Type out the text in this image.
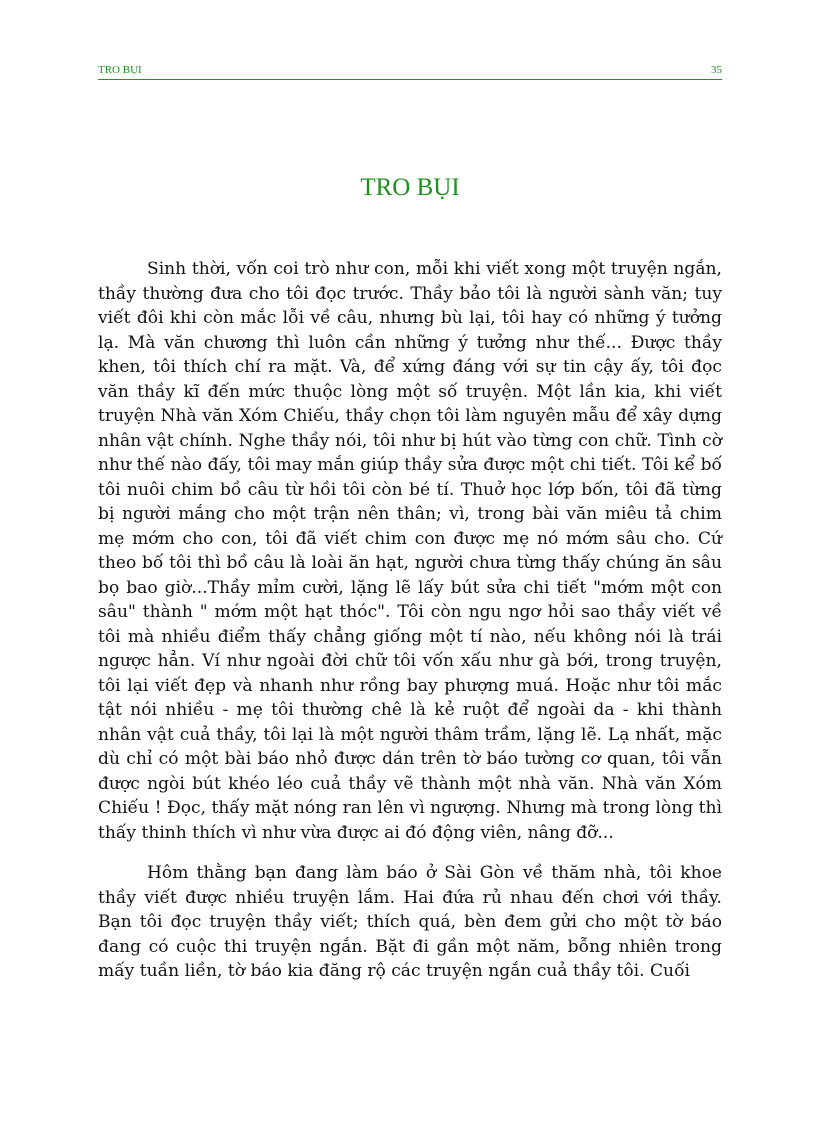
TRO BỤI	35
TRO BỤI

Sinh thời, vốn coi trò như con, mỗi khi viết xong một truyện ngắn, thầy thường đưa cho tôi đọc trước. Thầy bảo tôi là người sành văn; tuy viết đôi khi còn mắc lỗi về câu, nhưng bù lại, tôi hay có những ý tưởng lạ. Mà văn chương thì luôn cần những ý tưởng như thế... Được thầy khen, tôi thích chí ra mặt. Và, để xứng đáng với sự tin cậy ấy, tôi đọc văn thầy kĩ đến mức thuộc lòng một số truyện. Một lần kia, khi viết truyện Nhà văn Xóm Chiếu, thầy chọn tôi làm nguyên mẫu để xây dựng nhân vật chính. Nghe thầy nói, tôi như bị hút vào từng con chữ. Tình cờ như thế nào đấy, tôi may mắn giúp thầy sửa được một chi tiết. Tôi kể bố tôi nuôi chim bồ câu từ hồi tôi còn bé tí. Thuở học lớp bốn, tôi đã từng bị người mắng cho một trận nên thân; vì, trong bài văn miêu tả chim mẹ mớm cho con, tôi đã viết chim con được mẹ nó mớm sâu cho. Cứ theo bố tôi thì bồ câu là loài ăn hạt, người chưa từng thấy chúng ăn sâu bọ bao giờ...Thầy mỉm cười, lặng lẽ lấy bút sửa chi tiết "mớm một con sâu" thành " mớm một hạt thóc". Tôi còn ngu ngơ hỏi sao thầy viết về tôi mà nhiều điểm thấy chẳng giống một tí nào, nếu không nói là trái ngược hẳn. Ví như ngoài đời chữ tôi vốn xấu như gà bới, trong truyện, tôi lại viết đẹp và nhanh như rồng bay phượng muá. Hoặc như tôi mắc tật nói nhiều - mẹ tôi thường chê là kẻ ruột để ngoài da - khi thành nhân vật cuả thầy, tôi lại là một người thâm trầm, lặng lẽ. Lạ nhất, mặc dù chỉ có một bài báo nhỏ được dán trên tờ báo tường cơ quan, tôi vẫn được ngòi bút khéo léo cuả thầy vẽ thành một nhà văn. Nhà văn Xóm Chiếu ! Đọc, thấy mặt nóng ran lên vì ngượng. Nhưng mà trong lòng thì thấy thinh thích vì như vừa được ai đó động viên, nâng đỡ...

Hôm thằng bạn đang làm báo ở Sài Gòn về thăm nhà, tôi khoe thầy viết được nhiều truyện lắm. Hai đứa rủ nhau đến chơi với thầy. Bạn tôi đọc truyện thầy viết; thích quá, bèn đem gửi cho một tờ báo đang có cuộc thi truyện ngắn. Bặt đi gần một năm, bỗng nhiên trong mấy tuần liền, tờ báo kia đăng rộ các truyện ngắn cuả thầy tôi. Cuối
